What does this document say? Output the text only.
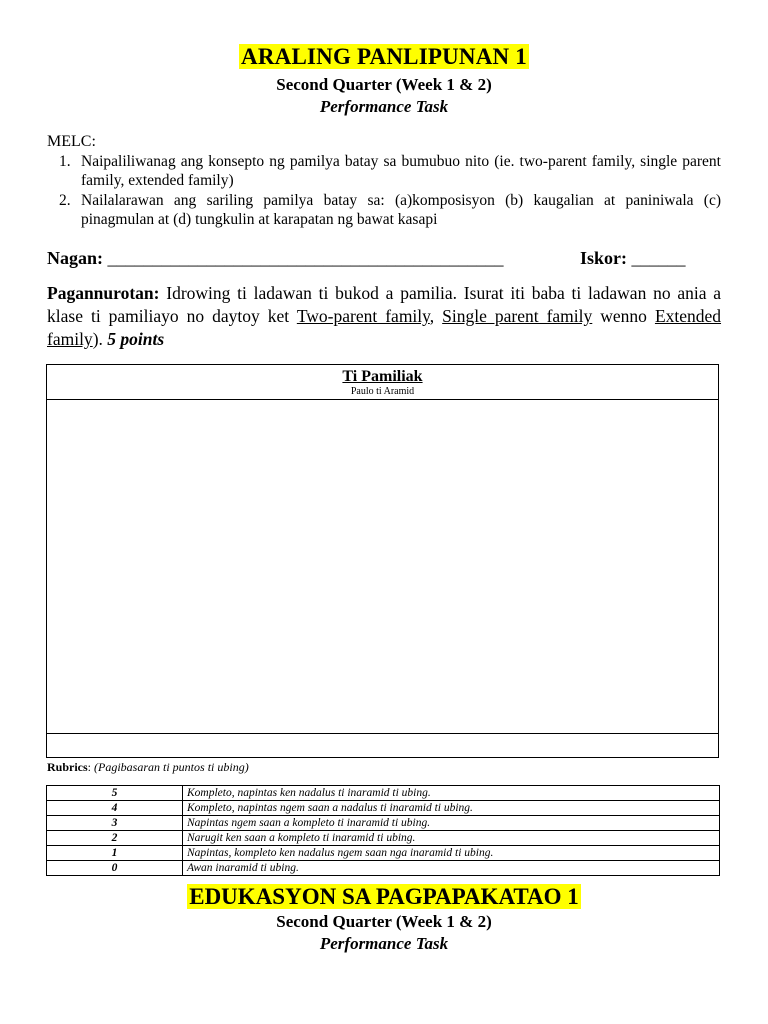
ARALING PANLIPUNAN 1
Second Quarter (Week 1 & 2)
Performance Task
MELC:
1. Naipaliliwanag ang konsepto ng pamilya batay sa bumubuo nito (ie. two-parent family, single parent family, extended family)
2. Nailalarawan ang sariling pamilya batay sa: (a)komposisyon (b) kaugalian at paniniwala (c) pinagmulan at (d) tungkulin at karapatan ng bawat kasapi
Nagan: ____________________________________________	Iskor: ______
Pagannurotan: Idrowing ti ladawan ti bukod a pamilia. Isurat iti baba ti ladawan no ania a klase ti pamiliayo no daytoy ket Two-parent family, Single parent family wenno Extended family). 5 points
Ti Pamiliak
Paulo ti Aramid
Rubrics: (Pagibasaran ti puntos ti ubing)
5	Kompleto, napintas ken nadalus ti inaramid ti ubing.
4	Kompleto, napintas ngem saan a nadalus ti inaramid ti ubing.
3	Napintas ngem saan a kompleto ti inaramid ti ubing.
2	Narugit ken saan a kompleto ti inaramid ti ubing.
1	Napintas, kompleto ken nadalus ngem saan nga inaramid ti ubing.
0	Awan inaramid ti ubing.
EDUKASYON SA PAGPAPAKATAO 1
Second Quarter (Week 1 & 2)
Performance Task
